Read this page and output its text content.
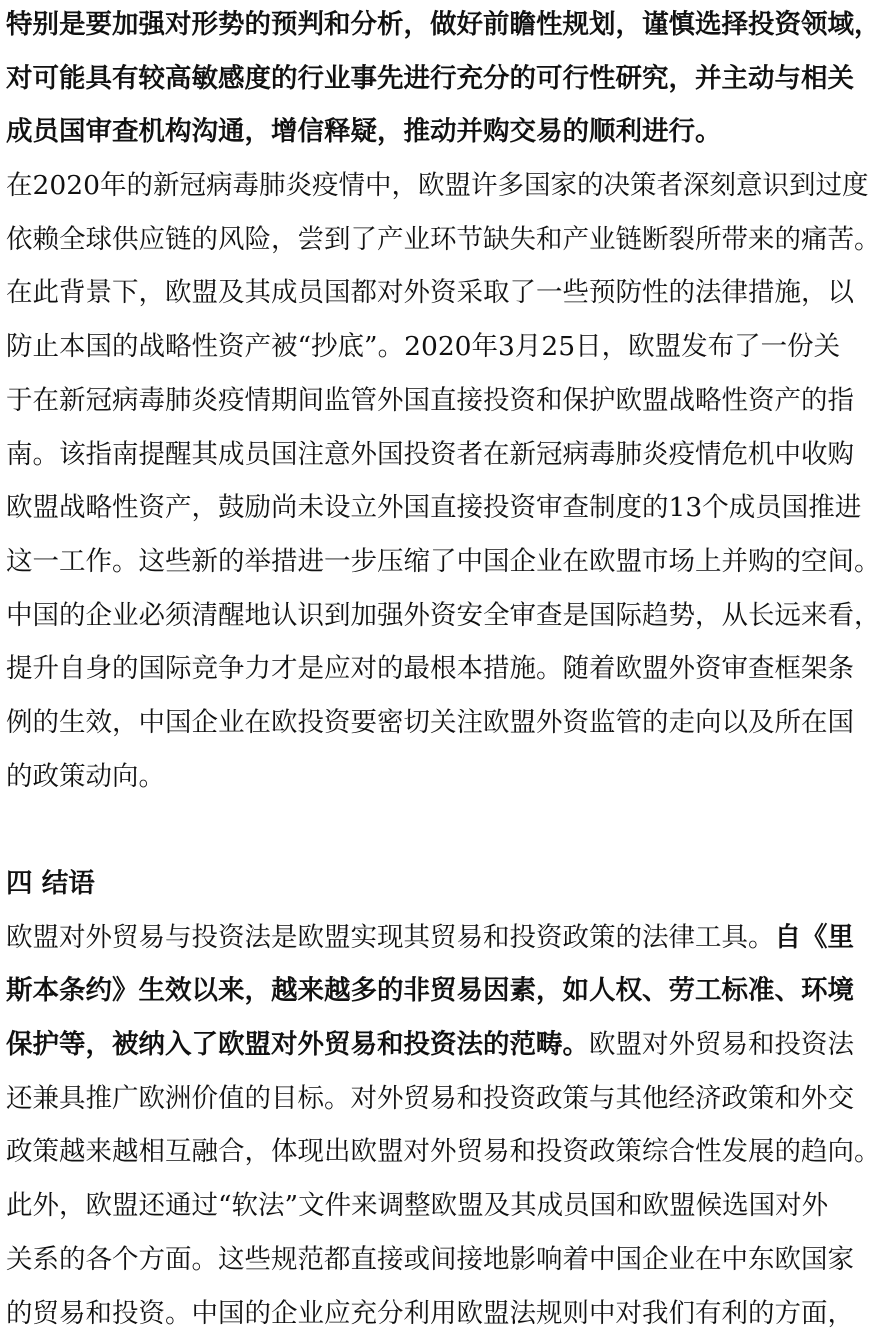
特别是要加强对形势的预判和分析，做好前瞻性规划，谨慎选择投资领域，
对可能具有较高敏感度的行业事先进行充分的可行性研究，并主动与相关
成员国审查机构沟通，增信释疑，推动并购交易的顺利进行。
在2020年的新冠病毒肺炎疫情中，欧盟许多国家的决策者深刻意识到过度
依赖全球供应链的风险，尝到了产业环节缺失和产业链断裂所带来的痛苦。
在此背景下，欧盟及其成员国都对外资采取了一些预防性的法律措施，以
防止本国的战略性资产被“抄底”。2020年3月25日，欧盟发布了一份关
于在新冠病毒肺炎疫情期间监管外国直接投资和保护欧盟战略性资产的指
南。该指南提醒其成员国注意外国投资者在新冠病毒肺炎疫情危机中收购
欧盟战略性资产，鼓励尚未设立外国直接投资审查制度的13个成员国推进
这一工作。这些新的举措进一步压缩了中国企业在欧盟市场上并购的空间。
中国的企业必须清醒地认识到加强外资安全审查是国际趋势，从长远来看，
提升自身的国际竞争力才是应对的最根本措施。随着欧盟外资审查框架条
例的生效，中国企业在欧投资要密切关注欧盟外资监管的走向以及所在国
的政策动向。
四 结语
欧盟对外贸易与投资法是欧盟实现其贸易和投资政策的法律工具。自《里
斯本条约》生效以来，越来越多的非贸易因素，如人权、劳工标准、环境
保护等，被纳入了欧盟对外贸易和投资法的范畴。欧盟对外贸易和投资法
还兼具推广欧洲价值的目标。对外贸易和投资政策与其他经济政策和外交
政策越来越相互融合，体现出欧盟对外贸易和投资政策综合性发展的趋向。
此外，欧盟还通过“软法”文件来调整欧盟及其成员国和欧盟候选国对外
关系的各个方面。这些规范都直接或间接地影响着中国企业在中东欧国家
的贸易和投资。中国的企业应充分利用欧盟法规则中对我们有利的方面，
